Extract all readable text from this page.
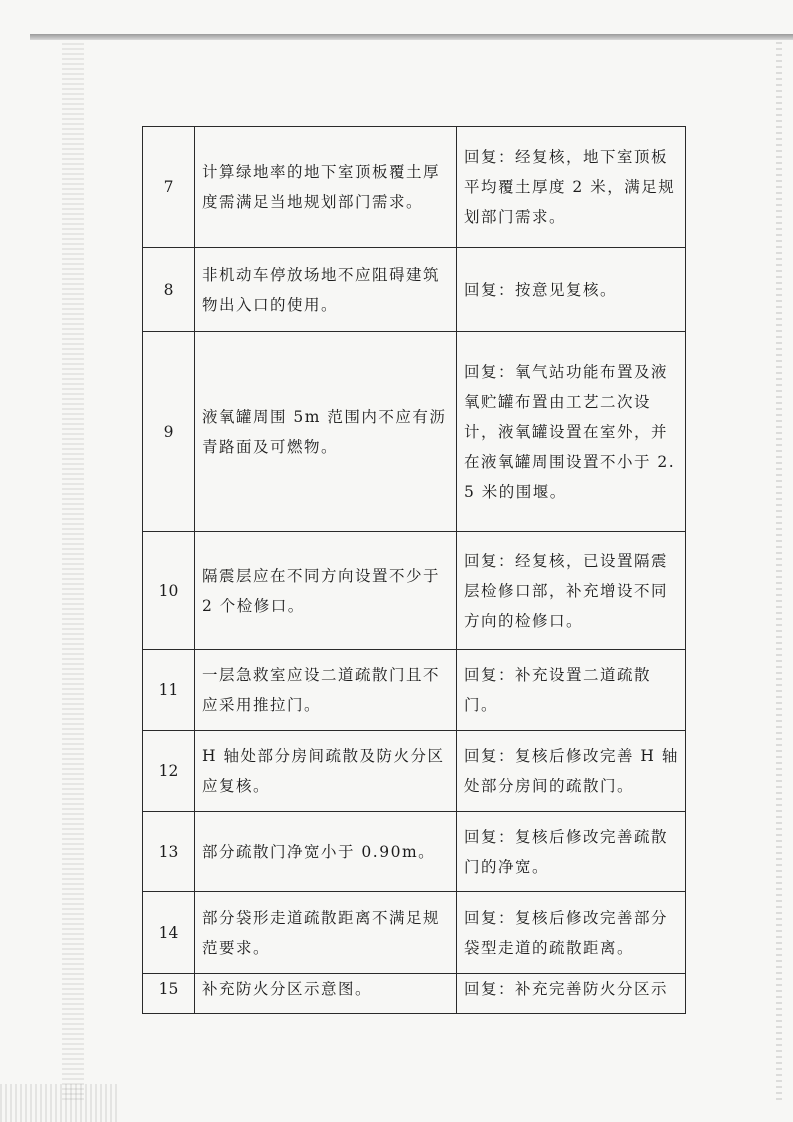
7	计算绿地率的地下室顶板覆土厚度需满足当地规划部门需求。	回复：经复核，地下室顶板平均覆土厚度 2 米，满足规划部门需求。
8	非机动车停放场地不应阻碍建筑物出入口的使用。	回复：按意见复核。
9	液氧罐周围 5m 范围内不应有沥青路面及可燃物。	回复：氧气站功能布置及液氧贮罐布置由工艺二次设计，液氧罐设置在室外，并在液氧罐周围设置不小于 2.5 米的围堰。
10	隔震层应在不同方向设置不少于 2 个检修口。	回复：经复核，已设置隔震层检修口部，补充增设不同方向的检修口。
11	一层急救室应设二道疏散门且不应采用推拉门。	回复：补充设置二道疏散门。
12	H 轴处部分房间疏散及防火分区应复核。	回复：复核后修改完善 H 轴处部分房间的疏散门。
13	部分疏散门净宽小于 0.90m。	回复：复核后修改完善疏散门的净宽。
14	部分袋形走道疏散距离不满足规范要求。	回复：复核后修改完善部分袋型走道的疏散距离。
15	补充防火分区示意图。	回复：补充完善防火分区示
